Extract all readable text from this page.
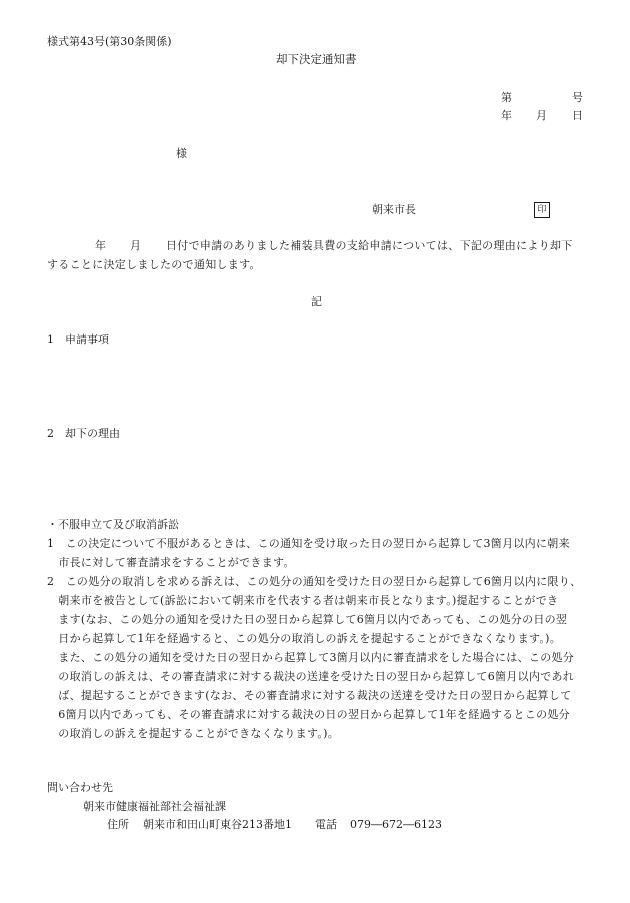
様式第43号(第30条関係)
却下決定通知書
第	号
年 月 日
様
朝来市長	印
年 月 日付で申請のありました補装具費の支給申請については、下記の理由により却下
することに決定しましたので通知します。
記
1　申請事項
2　却下の理由
・不服申立て及び取消訴訟
1　この決定について不服があるときは、この通知を受け取った日の翌日から起算して3箇月以内に朝来
　市長に対して審査請求をすることができます。
2　この処分の取消しを求める訴えは、この処分の通知を受けた日の翌日から起算して6箇月以内に限り、
　朝来市を被告として(訴訟において朝来市を代表する者は朝来市長となります。)提起することができ
　ます(なお、この処分の通知を受けた日の翌日から起算して6箇月以内であっても、この処分の日の翌
　日から起算して1年を経過すると、この処分の取消しの訴えを提起することができなくなります。)。
　また、この処分の通知を受けた日の翌日から起算して3箇月以内に審査請求をした場合には、この処分
　の取消しの訴えは、その審査請求に対する裁決の送達を受けた日の翌日から起算して6箇月以内であれ
　ば、提起することができます(なお、その審査請求に対する裁決の送達を受けた日の翌日から起算して
　6箇月以内であっても、その審査請求に対する裁決の日の翌日から起算して1年を経過するとこの処分
　の取消しの訴えを提起することができなくなります。)。
問い合わせ先
朝来市健康福祉部社会福祉課
住所 朝来市和田山町東谷213番地1 電話 079―672―6123
